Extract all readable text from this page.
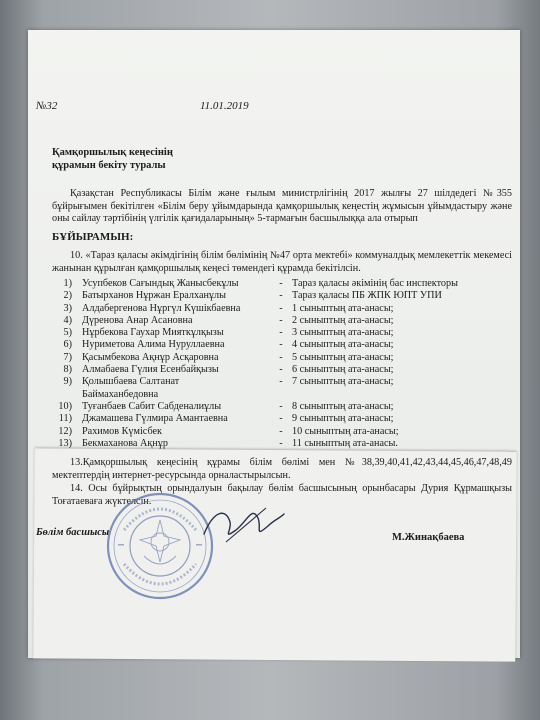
№32	11.01.2019
Қамқоршылық кеңесінің
құрамын бекіту туралы
Қазақстан Республикасы Білім және ғылым министрлігінің 2017 жылғы 27 шілдедегі №355 бұйрығымен бекітілген «Білім беру ұйымдарында қамқоршылық кеңестің жұмысын ұйымдастыру және оны сайлау тәртібінің үлгілік қағидаларының» 5-тармағын басшылыққа ала отырып
БҰЙЫРАМЫН:
10. «Тараз қаласы әкімдігінің білім бөлімінің №47 орта мектебі» коммуналдық мемлекеттік мекемесі жанынан құрылған қамқоршылық кеңесі төмендегі құрамда бекітілсін.
1)	Усупбеков Сағындық Жаныcбекұлы	-	Тараз қаласы әкімінің бас инспекторы
2)	Батырханов Нұржан Ералханұлы	-	Тараз қаласы ПБ ЖПК ЮПТ УПИ
3)	Алдабергенова Нұргүл Күшікбаевна	-	1 сыныптың ата-анасы;
4)	Дүренова Анар Асановна	-	2 сыныптың ата-анасы;
5)	Нұрбекова Гаухар Мияткұлқызы	-	3 сыныптың ата-анасы;
6)	Нуриметова Алима Нуруллаевна	-	4 сыныптың ата-анасы;
7)	Қасымбекова Ақнұр Асқаровна	-	5 сыныптың ата-анасы;
8)	Алмабаева Гүлия Есенбайқызы	-	6 сыныптың ата-анасы;
9)	Қолышбаева Салтанат
Баймаханбедовна	-	7 сыныптың ата-анасы;
10)	Туғанбаев Сабит Сабденалиұлы	-	8 сыныптың ата-анасы;
11)	Джамашева Гүлмира Амантаевна	-	9 сыныптың ата-анасы;
12)	Рахимов Күмісбек	-	10 сыныптың ата-анасы;
13)	Бекмаханова Ақнұр	-	11 сыныптың ата-анасы.
13.Қамқоршылық кеңесінің құрамы білім бөлімі мен №38,39,40,41,42,43,44,45,46,47,48,49 мектептердің интернет-ресурсында орналастырылсын.
14. Осы бұйрықтың орындалуын бақылау бөлім басшысының орынбасары Дурия Құрмашқызы Тоғатаеваға жүктелсін.
Бөлім басшысы	М.Жинақбаева
